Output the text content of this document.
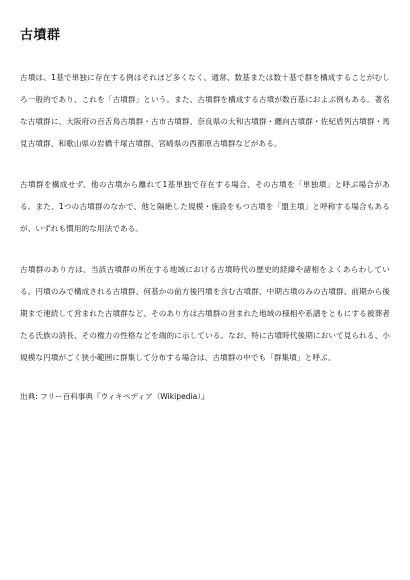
古墳群

古墳は、1基で単独に存在する例はそれほど多くなく、通常、数基または数十基で群を構成することがむしろ一般的であり、これを「古墳群」という。また、古墳群を構成する古墳が数百基におよぶ例もある。著名な古墳群に、大阪府の百舌鳥古墳群・古市古墳群、奈良県の大和古墳群・纒向古墳群・佐紀盾列古墳群・馬見古墳群、和歌山県の岩橋千塚古墳群、宮崎県の西都原古墳群などがある。

古墳群を構成せず、他の古墳から離れて1基単独で存在する場合、その古墳を「単独墳」と呼ぶ場合がある。また、1つの古墳群のなかで、他と隔絶した規模・施設をもつ古墳を「盟主墳」と呼称する場合もあるが、いずれも慣用的な用法である。

古墳群のあり方は、当該古墳群の所在する地域における古墳時代の歴史的経緯や諸相をよくあらわしている。円墳のみで構成される古墳群、何基かの前方後円墳を含む古墳群、中期古墳のみの古墳群、前期から後期まで連続して営まれた古墳群など、そのあり方は古墳群の営まれた地域の様相や系譜をともにする被葬者たる氏族の消長、その権力の性格などを端的に示している。なお、特に古墳時代後期において見られる、小規模な円墳がごく狭小範囲に群集して分布する場合は、古墳群の中でも「群集墳」と呼ぶ。

出典: フリー百科事典『ウィキペディア（Wikipedia）』
